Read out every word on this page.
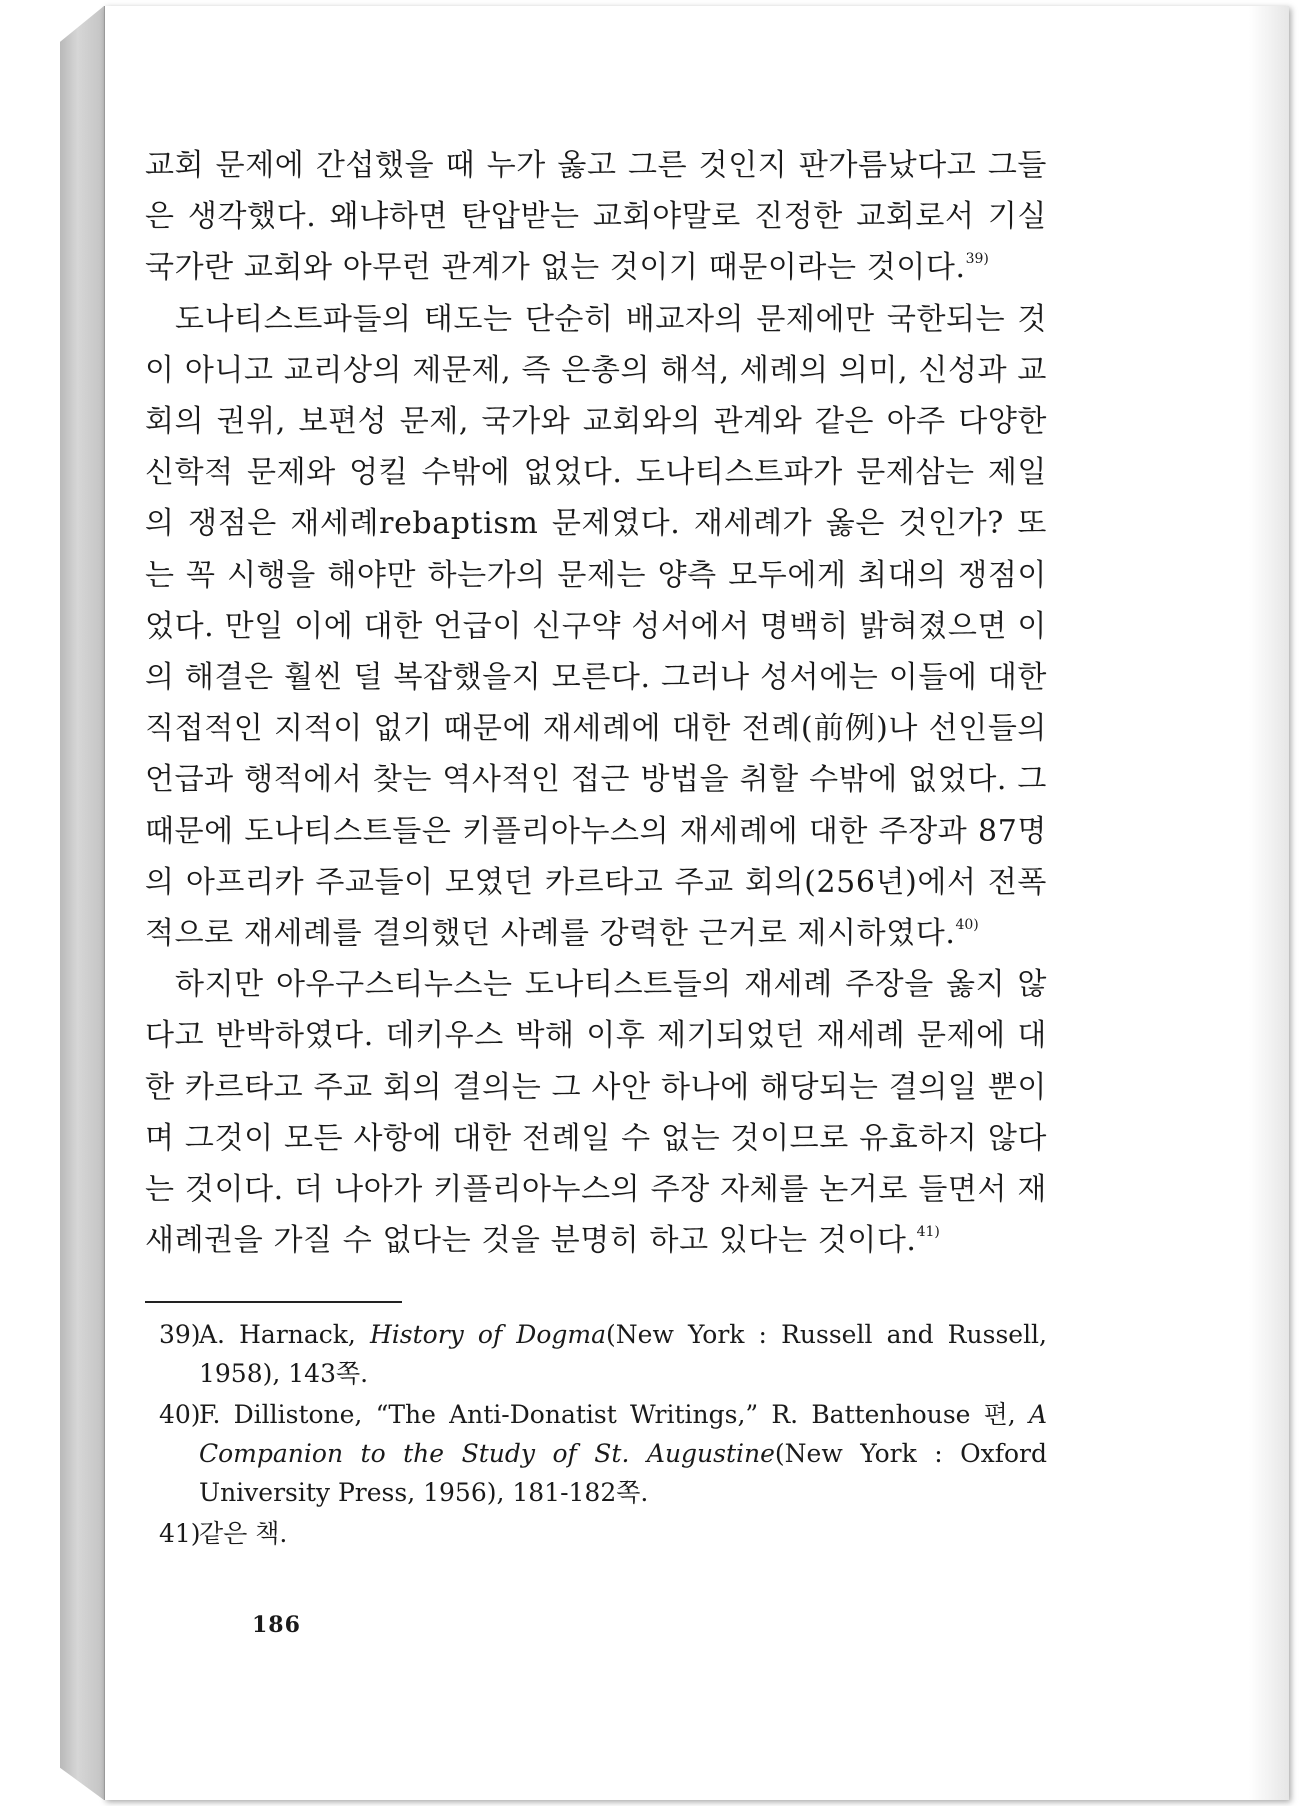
교회 문제에 간섭했을 때 누가 옳고 그른 것인지 판가름났다고 그들은 생각했다. 왜냐하면 탄압받는 교회야말로 진정한 교회로서 기실 국가란 교회와 아무런 관계가 없는 것이기 때문이라는 것이다.$^{39)}$

도나티스트파들의 태도는 단순히 배교자의 문제에만 국한되는 것이 아니고 교리상의 제문제, 즉 은총의 해석, 세례의 의미, 신성과 교회의 권위, 보편성 문제, 국가와 교회와의 관계와 같은 아주 다양한 신학적 문제와 엉킬 수밖에 없었다. 도나티스트파가 문제삼는 제일의 쟁점은 재세례rebaptism 문제였다. 재세례가 옳은 것인가? 또는 꼭 시행을 해야만 하는가의 문제는 양측 모두에게 최대의 쟁점이었다. 만일 이에 대한 언급이 신구약 성서에서 명백히 밝혀졌으면 이의 해결은 훨씬 덜 복잡했을지 모른다. 그러나 성서에는 이들에 대한 직접적인 지적이 없기 때문에 재세례에 대한 전례(前例)나 선인들의 언급과 행적에서 찾는 역사적인 접근 방법을 취할 수밖에 없었다. 그 때문에 도나티스트들은 키플리아누스의 재세례에 대한 주장과 87명의 아프리카 주교들이 모였던 카르타고 주교 회의(256년)에서 전폭적으로 재세례를 결의했던 사례를 강력한 근거로 제시하였다.$^{40)}$

하지만 아우구스티누스는 도나티스트들의 재세례 주장을 옳지 않다고 반박하였다. 데키우스 박해 이후 제기되었던 재세례 문제에 대한 카르타고 주교 회의 결의는 그 사안 하나에 해당되는 결의일 뿐이며 그것이 모든 사항에 대한 전례일 수 없는 것이므로 유효하지 않다는 것이다. 더 나아가 키플리아누스의 주장 자체를 논거로 들면서 재새례권을 가질 수 없다는 것을 분명히 하고 있다는 것이다.$^{41)}$

39)
A. Harnack, History of Dogma(New York : Russell and Russell, 1958), 143쪽.
40)
F. Dillistone, “The Anti-Donatist Writings,” R. Battenhouse 편, A Companion to the Study of St. Augustine(New York : Oxford University Press, 1956), 181-182쪽.
41)
같은 책.
186
